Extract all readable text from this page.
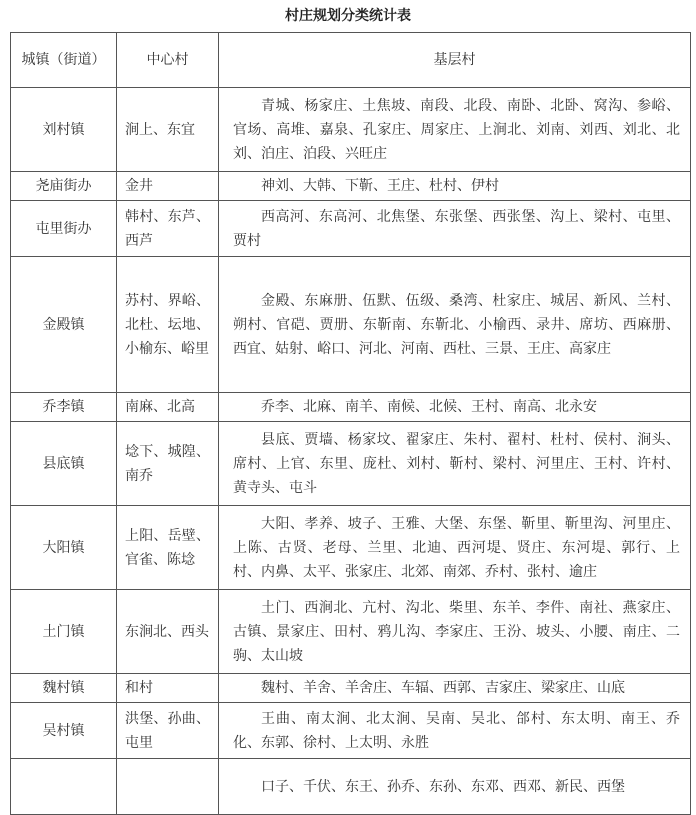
村庄规划分类统计表
城镇（街道）	中心村	基层村
刘村镇	涧上、东宜	青城、杨家庄、土焦坡、南段、北段、南卧、北卧、窝沟、参峪、官场、高堆、嘉泉、孔家庄、周家庄、上涧北、刘南、刘西、刘北、北刘、泊庄、泊段、兴旺庄
尧庙街办	金井	神刘、大韩、下靳、王庄、杜村、伊村
屯里街办	韩村、东芦、西芦	西高河、东高河、北焦堡、东张堡、西张堡、沟上、梁村、屯里、贾村
金殿镇	苏村、界峪、北杜、坛地、小榆东、峪里	金殿、东麻册、伍默、伍级、桑湾、杜家庄、城居、新风、兰村、朔村、官硙、贾册、东靳南、东靳北、小榆西、录井、席坊、西麻册、西宜、姑射、峪口、河北、河南、西杜、三景、王庄、高家庄
乔李镇	南麻、北高	乔李、北麻、南羊、南候、北候、王村、南高、北永安
县底镇	埝下、城隍、南乔	县底、贾墙、杨家坟、翟家庄、朱村、翟村、杜村、侯村、涧头、席村、上官、东里、庞杜、刘村、靳村、梁村、河里庄、王村、许村、黄寺头、屯斗
大阳镇	上阳、岳壁、官雀、陈埝	大阳、孝养、坡子、王雅、大堡、东堡、靳里、靳里沟、河里庄、上陈、古贤、老母、兰里、北迪、西河堤、贤庄、东河堤、郭行、上村、内鼻、太平、张家庄、北郊、南郊、乔村、张村、逾庄
土门镇	东涧北、西头	土门、西涧北、亢村、沟北、柴里、东羊、李件、南社、燕家庄、古镇、景家庄、田村、鸦儿沟、李家庄、王汾、坡头、小腰、南庄、二驹、太山坡
魏村镇	和村	魏村、羊舍、羊舍庄、车辐、西郭、吉家庄、梁家庄、山底
吴村镇	洪堡、孙曲、屯里	王曲、南太涧、北太涧、吴南、吴北、郃村、东太明、南王、乔化、东郭、徐村、上太明、永胜
		口子、千伏、东王、孙乔、东孙、东邓、西邓、新民、西堡
